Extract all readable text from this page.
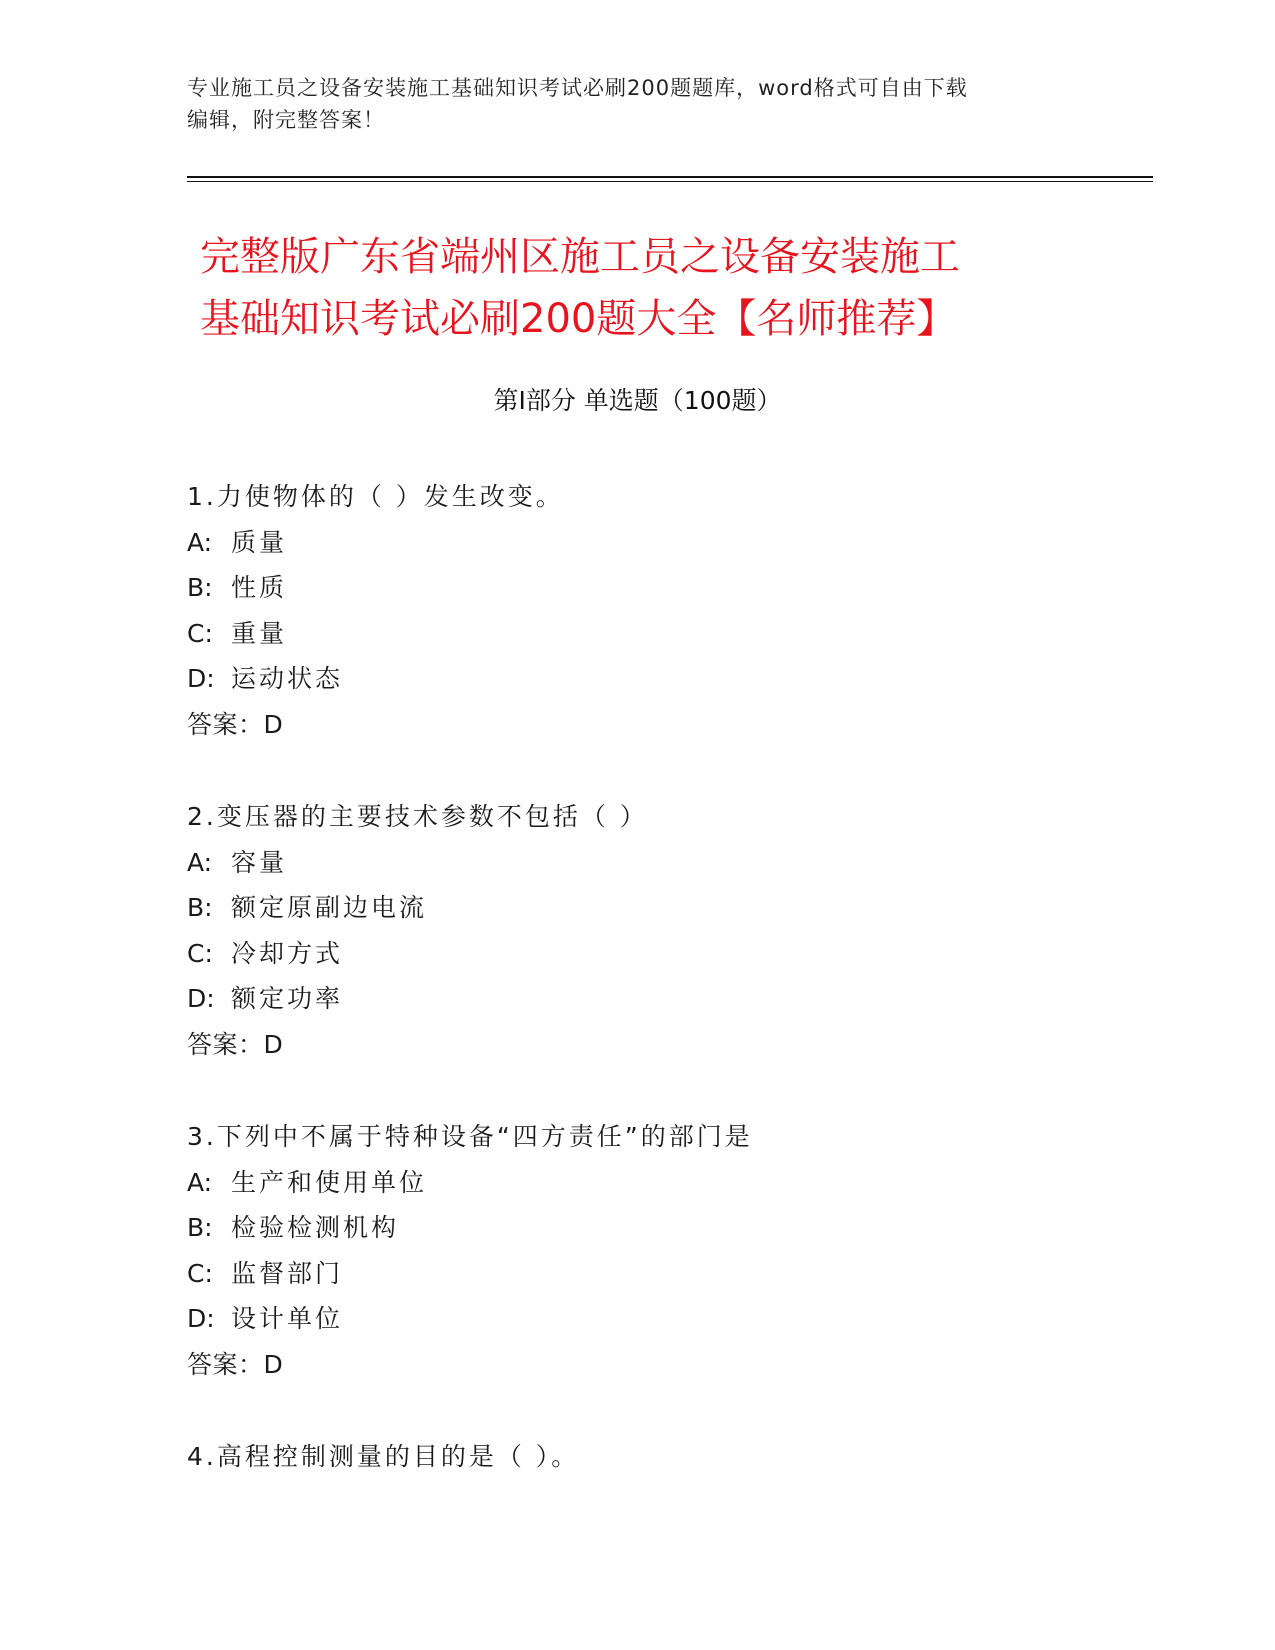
专业施工员之设备安装施工基础知识考试必刷200题题库，word格式可自由下载
编辑，附完整答案！
完整版广东省端州区施工员之设备安装施工
基础知识考试必刷200题大全【名师推荐】
第I部分 单选题（100题）
1.力使物体的（ ）发生改变。
A: 质量
B: 性质
C: 重量
D: 运动状态
答案：D
2.变压器的主要技术参数不包括（ ）
A: 容量
B: 额定原副边电流
C: 冷却方式
D: 额定功率
答案：D
3.下列中不属于特种设备“四方责任”的部门是
A: 生产和使用单位
B: 检验检测机构
C: 监督部门
D: 设计单位
答案：D
4.高程控制测量的目的是（ ）。
